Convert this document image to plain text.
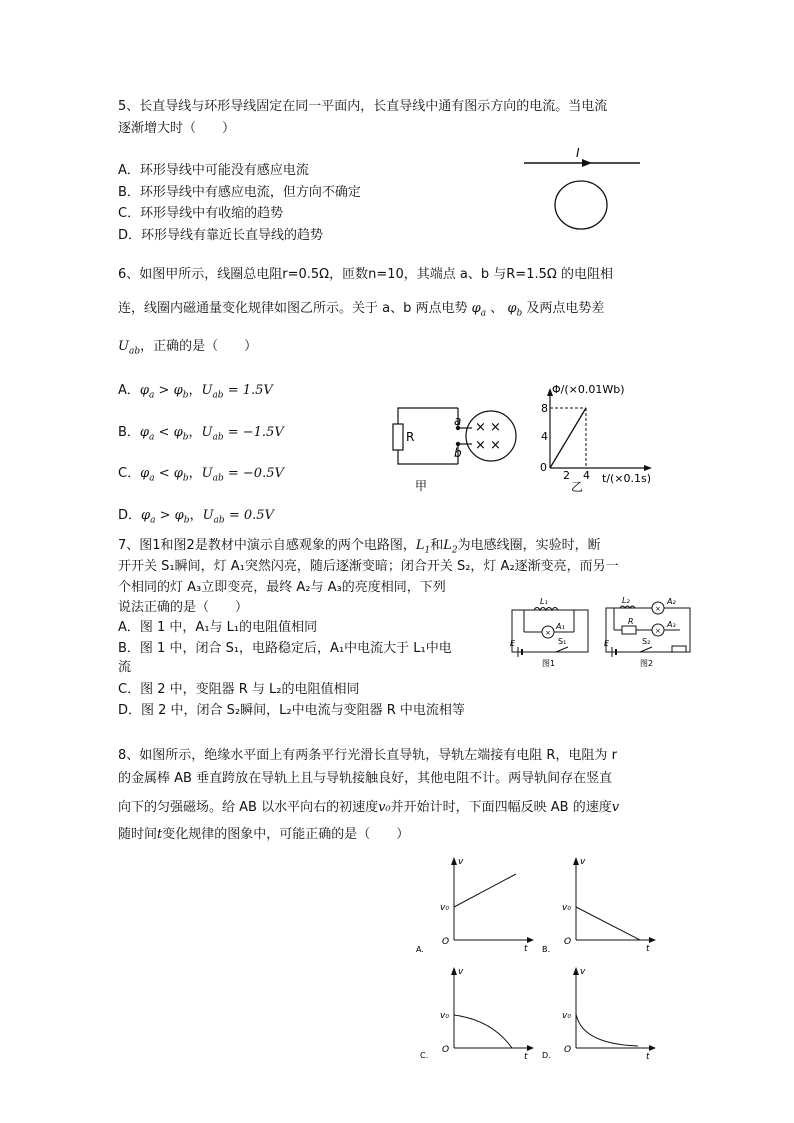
5、长直导线与环形导线固定在同一平面内，长直导线中通有图示方向的电流。当电流
逐渐增大时（　　）
A．环形导线中可能没有感应电流
B．环形导线中有感应电流，但方向不确定
C．环形导线中有收缩的趋势
D．环形导线有靠近长直导线的趋势
I
6、如图甲所示，线圈总电阻r=0.5Ω，匝数n=10，其端点 a、b 与R=1.5Ω 的电阻相
连，线圈内磁通量变化规律如图乙所示。关于 a、b 两点电势 $\varphi_a$ 、 $\varphi_b$ 及两点电势差
$U_{ab}$，正确的是（　　）
A．$\varphi_a > \varphi_b$，$U_{ab} = 1.5V$
B．$\varphi_a < \varphi_b$，$U_{ab} = -1.5V$
C．$\varphi_a < \varphi_b$，$U_{ab} = -0.5V$
D．$\varphi_a > \varphi_b$，$U_{ab} = 0.5V$
R
a
b
× ×
× ×
甲
Φ/(×0.01Wb)
t/(×0.1s)
8
4
0
2 4
乙
7、图1和图2是教材中演示自感观象的两个电路图，$L_1$和$L_2$为电感线圈，实验时，断
开开关 S₁瞬间，灯 A₁突然闪亮，随后逐渐变暗；闭合开关 S₂，灯 A₂逐渐变亮，而另一
个相同的灯 A₃立即变亮，最终 A₂与 A₃的亮度相同，下列
说法正确的是（　　）
A．图 1 中，A₁与 L₁的电阻值相同
B．图 1 中，闭合 S₁，电路稳定后，A₁中电流大于 L₁中电
流
C．图 2 中，变阻器 R 与 L₂的电阻值相同
D．图 2 中，闭合 S₂瞬间，L₂中电流与变阻器 R 中电流相等
L₁
×
A₁
E	S₁
图1
L₂
×
A₂
R
×
A₃
E	S₂
图2
8、如图所示，绝缘水平面上有两条平行光滑长直导轨，导轨左端接有电阻 R，电阻为 r
的金属棒 AB 垂直跨放在导轨上且与导轨接触良好，其他电阻不计。两导轨间存在竖直
向下的匀强磁场。给 AB 以水平向右的初速度v₀并开始计时，下面四幅反映 AB 的速度v
随时间t变化规律的图象中，可能正确的是（　　）
v
t
O
v₀
A.
v
t
O
v₀
B.
v
t
O
v₀
C.
v
t
O
v₀
D.
